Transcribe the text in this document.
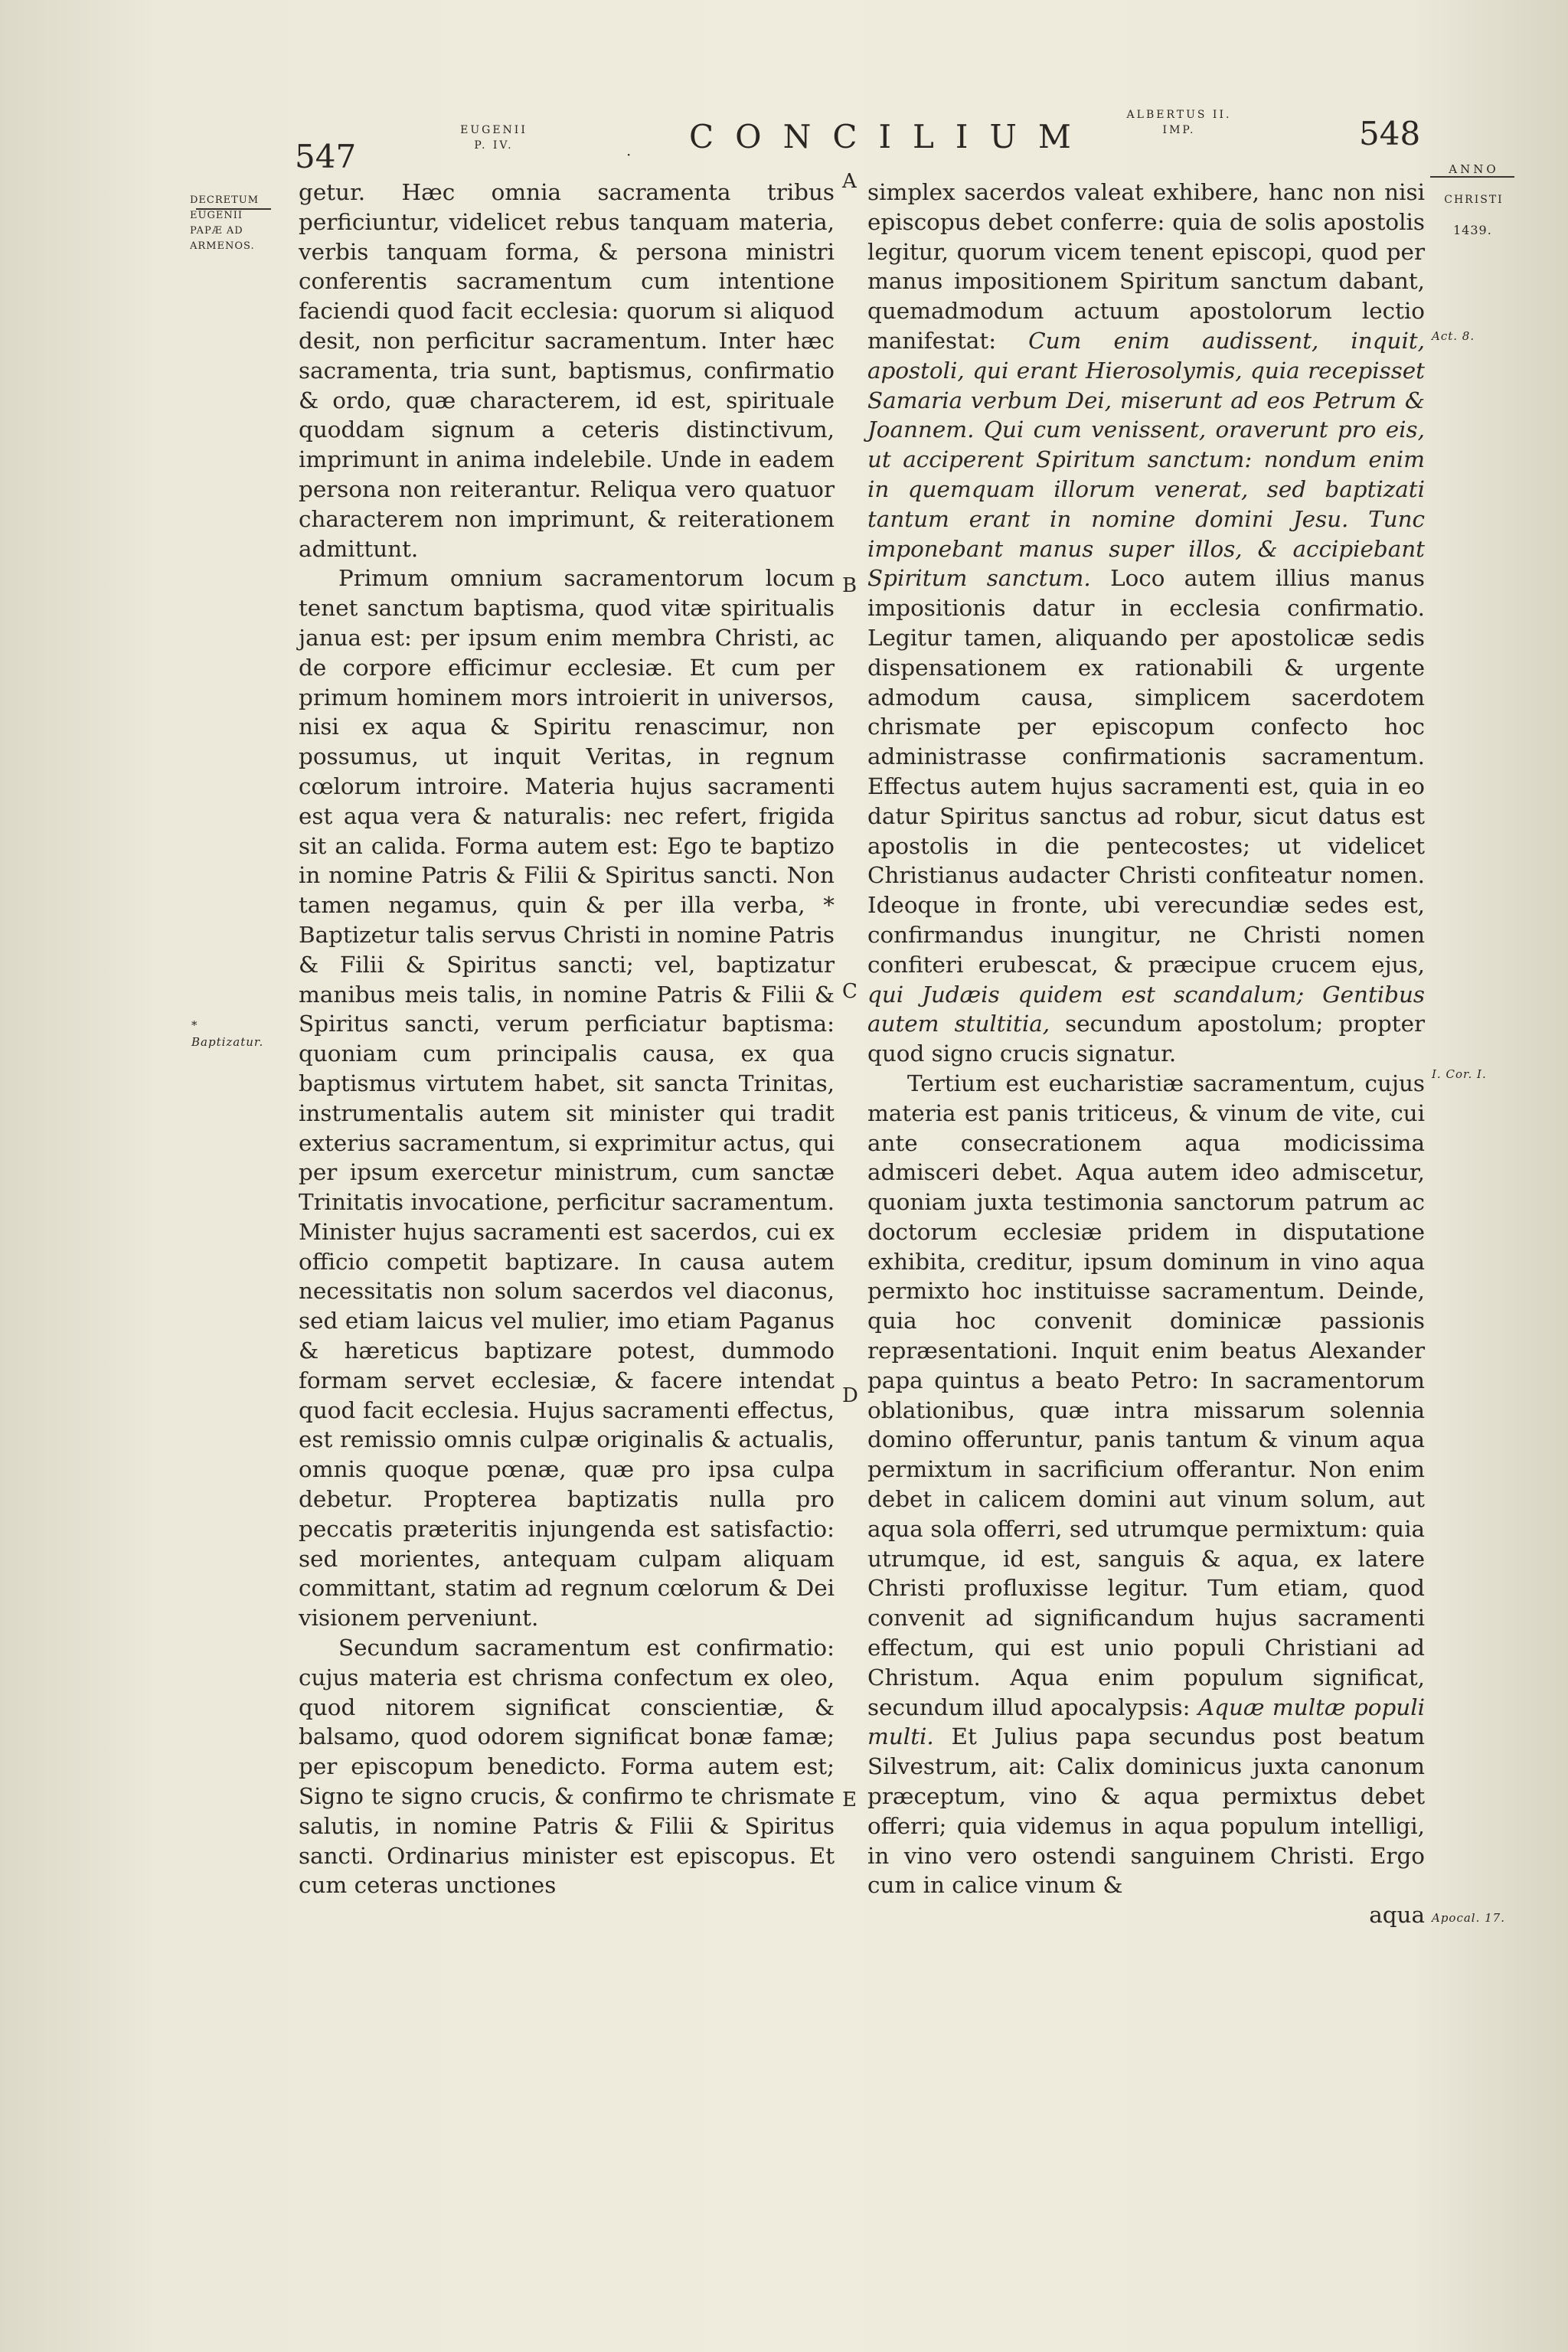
547
EUGENII P. IV.	· CONCILIUM
ALBERTUS II. IMP.	548
DECRETUM EUGENII PAPÆ AD ARMENOS.
* Baptizatur.
ANNO
CHRISTI
1439.
Act. 8.
I. Cor. I.
Apocal. 17.
A
B
C
D
E

getur. Hæc omnia sacramenta tribus perficiuntur, videlicet rebus tanquam materia, verbis tanquam forma, & persona ministri conferentis sacramentum cum intentione faciendi quod facit ecclesia: quorum si aliquod desit, non perficitur sacramentum. Inter hæc sacramenta, tria sunt, baptismus, confirmatio & ordo, quæ characterem, id est, spirituale quoddam signum a ceteris distinctivum, imprimunt in anima indelebile. Unde in eadem persona non reiterantur. Reliqua vero quatuor characterem non imprimunt, & reiterationem admittunt.

Primum omnium sacramentorum locum tenet sanctum baptisma, quod vitæ spiritualis janua est: per ipsum enim membra Christi, ac de corpore efficimur ecclesiæ. Et cum per primum hominem mors introierit in universos, nisi ex aqua & Spiritu renascimur, non possumus, ut inquit Veritas, in regnum cœlorum introire. Materia hujus sacramenti est aqua vera & naturalis: nec refert, frigida sit an calida. Forma autem est: Ego te baptizo in nomine Patris & Filii & Spiritus sancti. Non tamen negamus, quin & per illa verba, * Baptizetur talis servus Christi in nomine Patris & Filii & Spiritus sancti; vel, baptizatur manibus meis talis, in nomine Patris & Filii & Spiritus sancti, verum perficiatur baptisma: quoniam cum principalis causa, ex qua baptismus virtutem habet, sit sancta Trinitas, instrumentalis autem sit minister qui tradit exterius sacramentum, si exprimitur actus, qui per ipsum exercetur ministrum, cum sanctæ Trinitatis invocatione, perficitur sacramentum. Minister hujus sacramenti est sacerdos, cui ex officio competit baptizare. In causa autem necessitatis non solum sacerdos vel diaconus, sed etiam laicus vel mulier, imo etiam Paganus & hæreticus baptizare potest, dummodo formam servet ecclesiæ, & facere intendat quod facit ecclesia. Hujus sacramenti effectus, est remissio omnis culpæ originalis & actualis, omnis quoque pœnæ, quæ pro ipsa culpa debetur. Propterea baptizatis nulla pro peccatis præteritis injungenda est satisfactio: sed morientes, antequam culpam aliquam committant, statim ad regnum cœlorum & Dei visionem perveniunt.

Secundum sacramentum est confirmatio: cujus materia est chrisma confectum ex oleo, quod nitorem significat conscientiæ, & balsamo, quod odorem significat bonæ famæ; per episcopum benedicto. Forma autem est; Signo te signo crucis, & confirmo te chrismate salutis, in nomine Patris & Filii & Spiritus sancti. Ordinarius minister est episcopus. Et cum ceteras unctiones

simplex sacerdos valeat exhibere, hanc non nisi episcopus debet conferre: quia de solis apostolis legitur, quorum vicem tenent episcopi, quod per manus impositionem Spiritum sanctum dabant, quemadmodum actuum apostolorum lectio manifestat: Cum enim audissent, inquit, apostoli, qui erant Hierosolymis, quia recepisset Samaria verbum Dei, miserunt ad eos Petrum & Joannem. Qui cum venissent, oraverunt pro eis, ut acciperent Spiritum sanctum: nondum enim in quemquam illorum venerat, sed baptizati tantum erant in nomine domini Jesu. Tunc imponebant manus super illos, & accipiebant Spiritum sanctum. Loco autem illius manus impositionis datur in ecclesia confirmatio. Legitur tamen, aliquando per apostolicæ sedis dispensationem ex rationabili & urgente admodum causa, simplicem sacerdotem chrismate per episcopum confecto hoc administrasse confirmationis sacramentum. Effectus autem hujus sacramenti est, quia in eo datur Spiritus sanctus ad robur, sicut datus est apostolis in die pentecostes; ut videlicet Christianus audacter Christi confiteatur nomen. Ideoque in fronte, ubi verecundiæ sedes est, confirmandus inungitur, ne Christi nomen confiteri erubescat, & præcipue crucem ejus, qui Judæis quidem est scandalum; Gentibus autem stultitia, secundum apostolum; propter quod signo crucis signatur.

Tertium est eucharistiæ sacramentum, cujus materia est panis triticeus, & vinum de vite, cui ante consecrationem aqua modicissima admisceri debet. Aqua autem ideo admiscetur, quoniam juxta testimonia sanctorum patrum ac doctorum ecclesiæ pridem in disputatione exhibita, creditur, ipsum dominum in vino aqua permixto hoc instituisse sacramentum. Deinde, quia hoc convenit dominicæ passionis repræsentationi. Inquit enim beatus Alexander papa quintus a beato Petro: In sacramentorum oblationibus, quæ intra missarum solennia domino offeruntur, panis tantum & vinum aqua permixtum in sacrificium offerantur. Non enim debet in calicem domini aut vinum solum, aut aqua sola offerri, sed utrumque permixtum: quia utrumque, id est, sanguis & aqua, ex latere Christi profluxisse legitur. Tum etiam, quod convenit ad significandum hujus sacramenti effectum, qui est unio populi Christiani ad Christum. Aqua enim populum significat, secundum illud apocalypsis: Aquæ multæ populi multi. Et Julius papa secundus post beatum Silvestrum, ait: Calix dominicus juxta canonum præceptum, vino & aqua permixtus debet offerri; quia videmus in aqua populum intelligi, in vino vero ostendi sanguinem Christi. Ergo cum in calice vinum &

aqua
